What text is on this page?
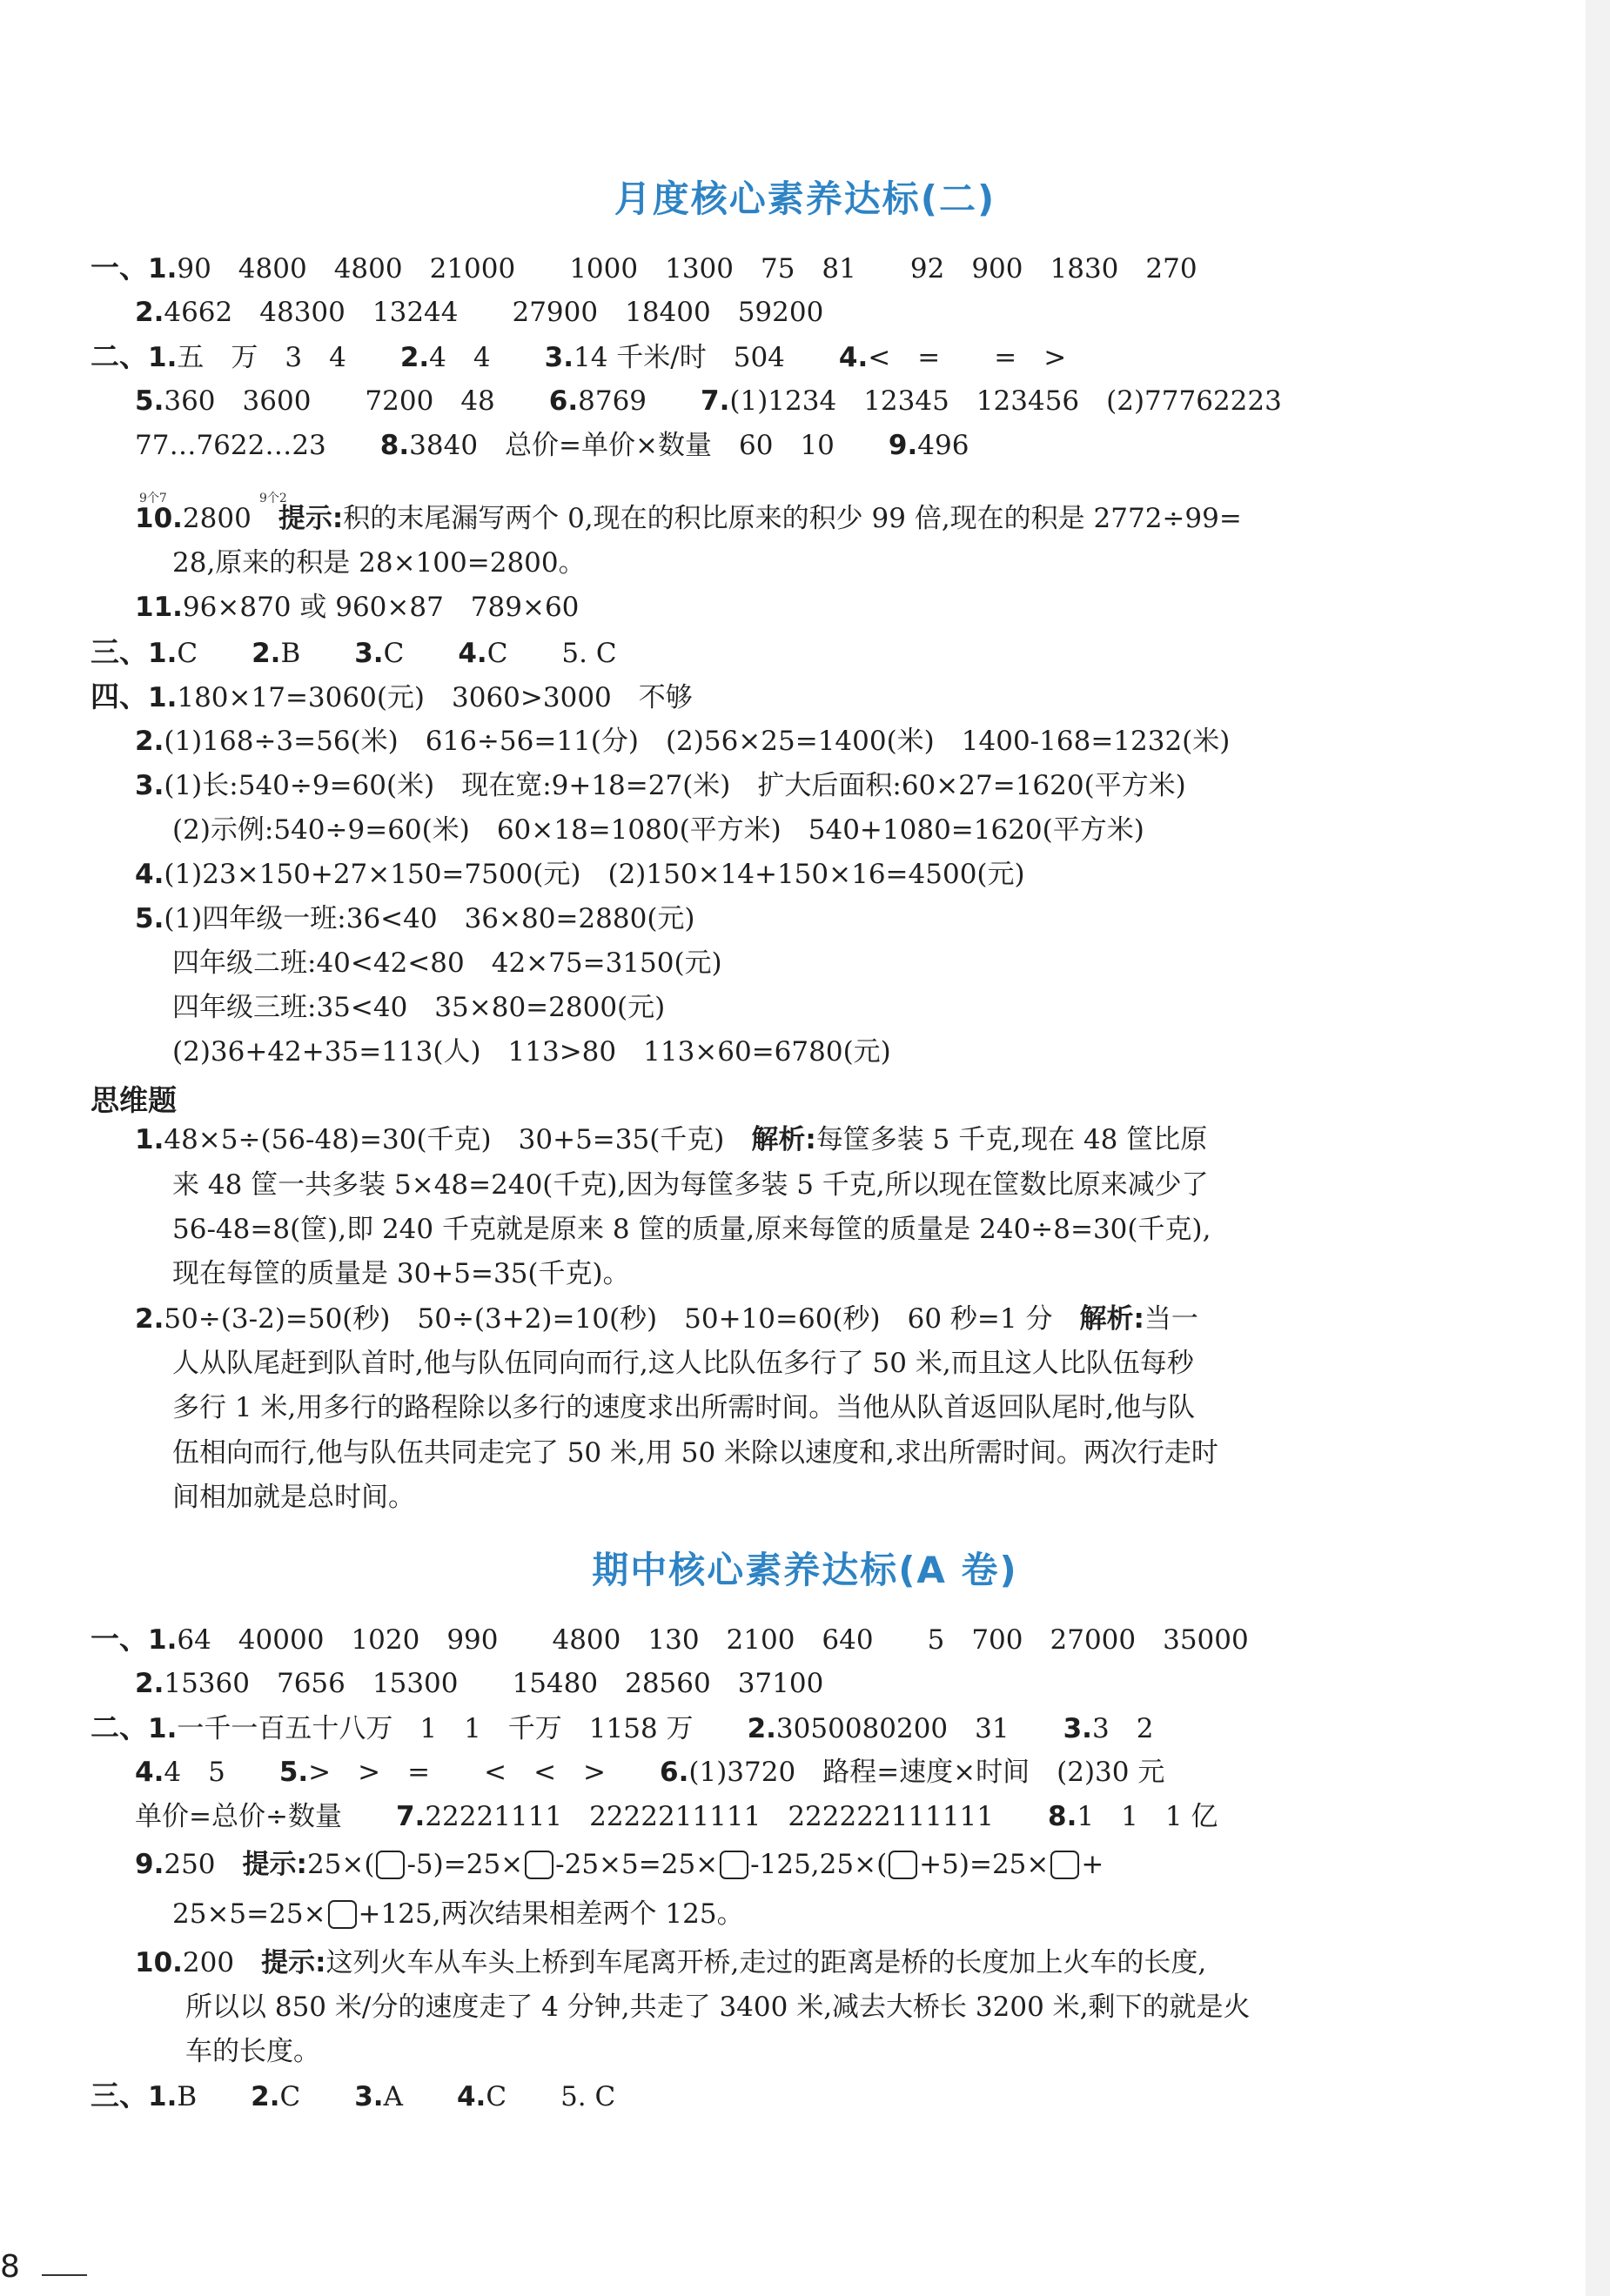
月度核心素养达标(二)
一、1.90　4800　4800　21000　　1000　1300　75　81　　92　900　1830　270
2.4662　48300　13244　　27900　18400　59200
二、1.五　万　3　4　　2.4　4　　3.14 千米/时　504　　4.<　=　　=　>
5.360　3600　　7200　48　　6.8769　　7.(1)1234　12345　123456　(2)77762223
77…7622…23　　8.3840　总价=单价×数量　60　10　　9.496
10.2800　提示:积的末尾漏写两个 0,现在的积比原来的积少 99 倍,现在的积是 2772÷99=
28,原来的积是 28×100=2800。
11.96×870 或 960×87　789×60
三、1.C　　2.B　　3.C　　4.C　　5. C
四、1.180×17=3060(元)　3060>3000　不够
2.(1)168÷3=56(米)　616÷56=11(分)　(2)56×25=1400(米)　1400-168=1232(米)
3.(1)长:540÷9=60(米)　现在宽:9+18=27(米)　扩大后面积:60×27=1620(平方米)
(2)示例:540÷9=60(米)　60×18=1080(平方米)　540+1080=1620(平方米)
4.(1)23×150+27×150=7500(元)　(2)150×14+150×16=4500(元)
5.(1)四年级一班:36<40　36×80=2880(元)
四年级二班:40<42<80　42×75=3150(元)
四年级三班:35<40　35×80=2800(元)
(2)36+42+35=113(人)　113>80　113×60=6780(元)
9个7	9个2
思维题
1.48×5÷(56-48)=30(千克)　30+5=35(千克)　解析:每筐多装 5 千克,现在 48 筐比原
来 48 筐一共多装 5×48=240(千克),因为每筐多装 5 千克,所以现在筐数比原来减少了
56-48=8(筐),即 240 千克就是原来 8 筐的质量,原来每筐的质量是 240÷8=30(千克),
现在每筐的质量是 30+5=35(千克)。
2.50÷(3-2)=50(秒)　50÷(3+2)=10(秒)　50+10=60(秒)　60 秒=1 分　解析:当一
人从队尾赶到队首时,他与队伍同向而行,这人比队伍多行了 50 米,而且这人比队伍每秒
多行 1 米,用多行的路程除以多行的速度求出所需时间。当他从队首返回队尾时,他与队
伍相向而行,他与队伍共同走完了 50 米,用 50 米除以速度和,求出所需时间。两次行走时
间相加就是总时间。
期中核心素养达标(A 卷)
一、1.64　40000　1020　990　　4800　130　2100　640　　5　700　27000　35000
2.15360　7656　15300　　15480　28560　37100
二、1.一千一百五十八万　1　1　千万　1158 万　　2.3050080200　31　　3.3　2
4.4　5　　5.>　>　=　　<　<　>　　6.(1)3720　路程=速度×时间　(2)30 元
单价=总价÷数量　　7.22221111　2222211111　222222111111　　8.1　1　1 亿
9.250　提示:25×( -5)=25× -25×5=25× -125,25×( +5)=25× +
25×5=25× +125,两次结果相差两个 125。
10.200　提示:这列火车从车头上桥到车尾离开桥,走过的距离是桥的长度加上火车的长度,
所以以 850 米/分的速度走了 4 分钟,共走了 3400 米,减去大桥长 3200 米,剩下的就是火
车的长度。
三、1.B　　2.C　　3.A　　4.C　　5. C
8
